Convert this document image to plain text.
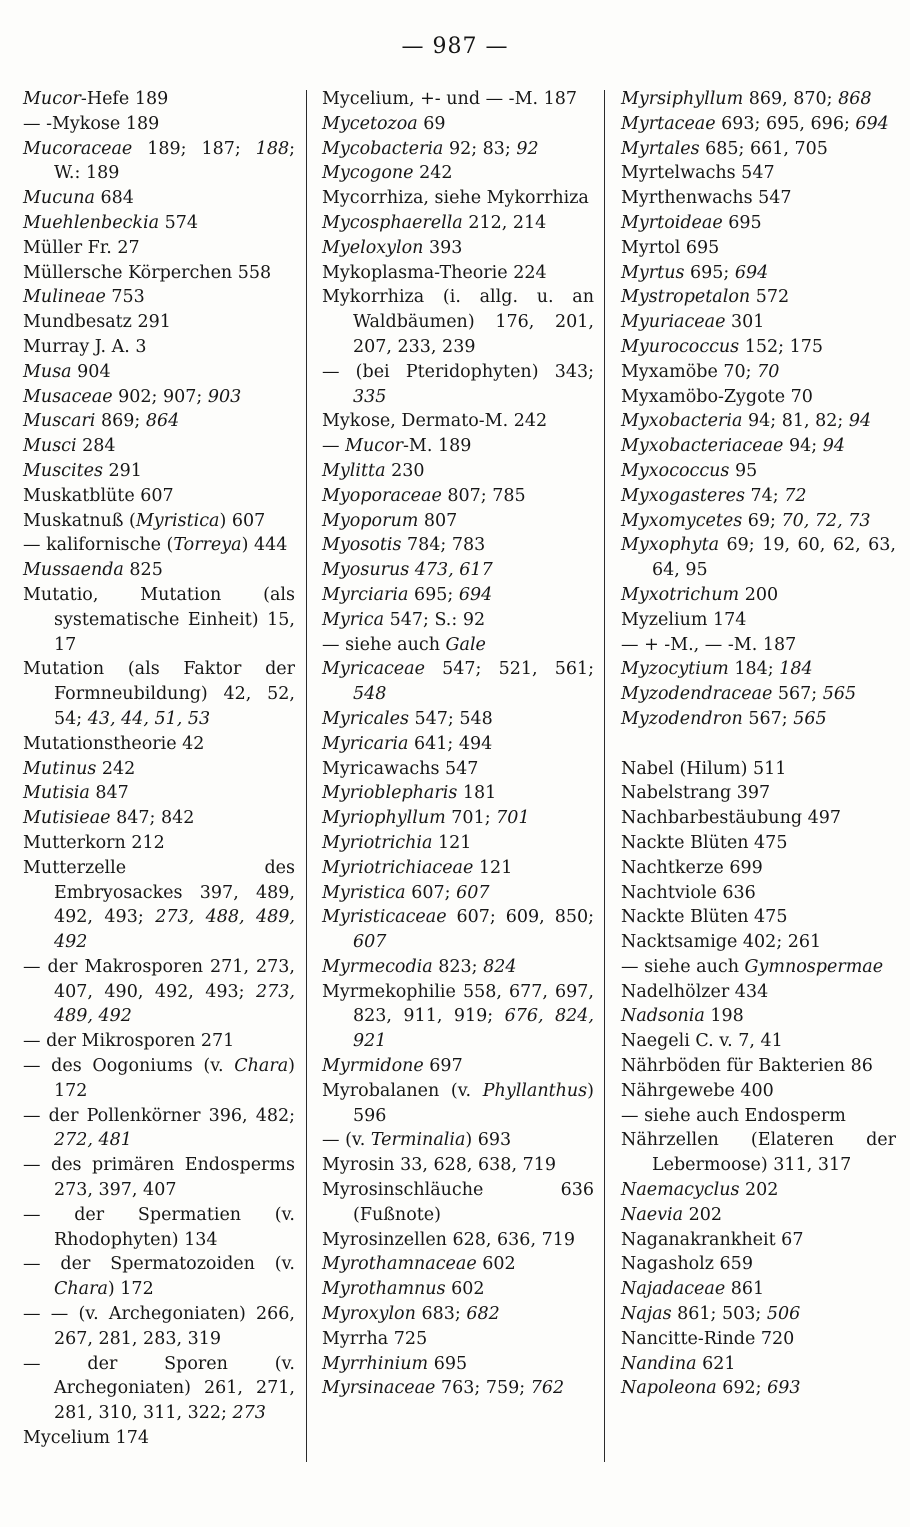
— 987 —
Mucor-Hefe 189
— -Mykose 189
Mucoraceae 189; 187; 188; W.: 189
Mucuna 684
Muehlenbeckia 574
Müller Fr. 27
Müllersche Körperchen 558
Mulineae 753
Mundbesatz 291
Murray J. A. 3
Musa 904
Musaceae 902; 907; 903
Muscari 869; 864
Musci 284
Muscites 291
Muskatblüte 607
Muskatnuß (Myristica) 607
— kalifornische (Torreya) 444
Mussaenda 825
Mutatio, Mutation (als systematische Einheit) 15, 17
Mutation (als Faktor der Formneubildung) 42, 52, 54; 43, 44, 51, 53
Mutationstheorie 42
Mutinus 242
Mutisia 847
Mutisieae 847; 842
Mutterkorn 212
Mutterzelle des Embryosackes 397, 489, 492, 493; 273, 488, 489, 492
— der Makrosporen 271, 273, 407, 490, 492, 493; 273, 489, 492
— der Mikrosporen 271
— des Oogoniums (v. Chara) 172
— der Pollenkörner 396, 482; 272, 481
— des primären Endosperms 273, 397, 407
— der Spermatien (v. Rhodophyten) 134
— der Spermatozoiden (v. Chara) 172
— — (v. Archegoniaten) 266, 267, 281, 283, 319
— der Sporen (v. Archegoniaten) 261, 271, 281, 310, 311, 322; 273
Mycelium 174
Mycelium, +- und — -M. 187
Mycetozoa 69
Mycobacteria 92; 83; 92
Mycogone 242
Mycorrhiza, siehe Mykorrhiza
Mycosphaerella 212, 214
Myeloxylon 393
Mykoplasma-Theorie 224
Mykorrhiza (i. allg. u. an Waldbäumen) 176, 201, 207, 233, 239
— (bei Pteridophyten) 343; 335
Mykose, Dermato-M. 242
— Mucor-M. 189
Mylitta 230
Myoporaceae 807; 785
Myoporum 807
Myosotis 784; 783
Myosurus 473, 617
Myrciaria 695; 694
Myrica 547; S.: 92
— siehe auch Gale
Myricaceae 547; 521, 561; 548
Myricales 547; 548
Myricaria 641; 494
Myricawachs 547
Myrioblepharis 181
Myriophyllum 701; 701
Myriotrichia 121
Myriotrichiaceae 121
Myristica 607; 607
Myristicaceae 607; 609, 850; 607
Myrmecodia 823; 824
Myrmekophilie 558, 677, 697, 823, 911, 919; 676, 824, 921
Myrmidone 697
Myrobalanen (v. Phyllanthus) 596
— (v. Terminalia) 693
Myrosin 33, 628, 638, 719
Myrosinschläuche 636 (Fußnote)
Myrosinzellen 628, 636, 719
Myrothamnaceae 602
Myrothamnus 602
Myroxylon 683; 682
Myrrha 725
Myrrhinium 695
Myrsinaceae 763; 759; 762
Myrsiphyllum 869, 870; 868
Myrtaceae 693; 695, 696; 694
Myrtales 685; 661, 705
Myrtelwachs 547
Myrthenwachs 547
Myrtoideae 695
Myrtol 695
Myrtus 695; 694
Mystropetalon 572
Myuriaceae 301
Myurococcus 152; 175
Myxamöbe 70; 70
Myxamöbo-Zygote 70
Myxobacteria 94; 81, 82; 94
Myxobacteriaceae 94; 94
Myxococcus 95
Myxogasteres 74; 72
Myxomycetes 69; 70, 72, 73
Myxophyta 69; 19, 60, 62, 63, 64, 95
Myxotrichum 200
Myzelium 174
— + -M., — -M. 187
Myzocytium 184; 184
Myzodendraceae 567; 565
Myzodendron 567; 565
Nabel (Hilum) 511
Nabelstrang 397
Nachbarbestäubung 497
Nackte Blüten 475
Nachtkerze 699
Nachtviole 636
Nackte Blüten 475
Nacktsamige 402; 261
— siehe auch Gymnospermae
Nadelhölzer 434
Nadsonia 198
Naegeli C. v. 7, 41
Nährböden für Bakterien 86
Nährgewebe 400
— siehe auch Endosperm
Nährzellen (Elateren der Lebermoose) 311, 317
Naemacyclus 202
Naevia 202
Naganakrankheit 67
Nagasholz 659
Najadaceae 861
Najas 861; 503; 506
Nancitte-Rinde 720
Nandina 621
Napoleona 692; 693
